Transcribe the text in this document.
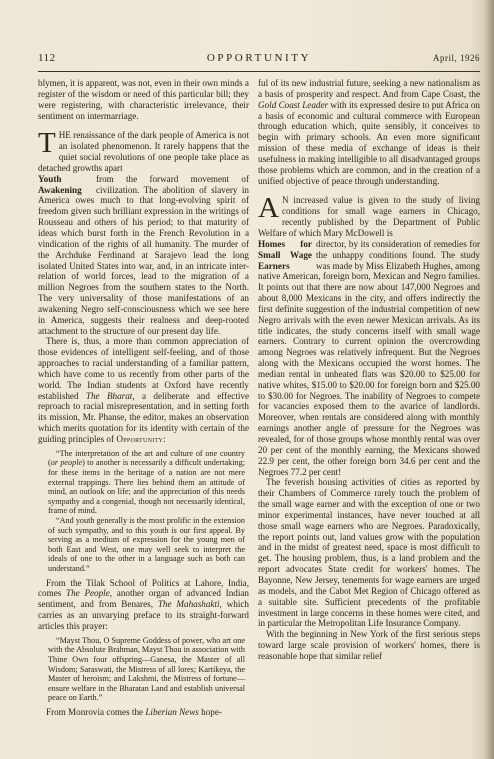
112	OPPORTUNITY	April, 1926

blymen, it is apparent, was not, even in their own minds a register of the wisdom or need of this particular bill; they were registering, with characteristic irrelevance, their sentiment on intermarriage.

THE renaissance of the dark people of America is not an isolated phenomenon. It rarely happens that the quiet social revolutions of one people take place as detached growths apart

Youth Awakening
from the forward movement of civilization. The abolition of slavery in America owes much to that long-evolving spirit of freedom given such brilliant expression in the writings of Rousseau and others of his period; to that maturity of ideas which burst forth in the French Revolution in a vindication of the rights of all humanity. The murder of the Archduke Ferdinand at Sarajevo lead the long isolated United States into war, and, in an intricate inter-relation of world forces, lead to the migration of a million Negroes from the southern states to the North. The very universality of those manifestations of an awakening Negro self-consciousness which we see here in America, suggests their realness and deep-rooted attachment to the structure of our present day life.

There is, thus, a more than common appreciation of those evidences of intelligent self-feeling, and of those approaches to racial understanding of a familiar pattern, which have come to us recently from other parts of the world. The Indian students at Oxford have recently established The Bharat, a deliberate and effective reproach to racial misrepresentation, and in setting forth its mission, Mr. Phanse, the editor, makes an observation which merits quotation for its identity with certain of the guiding principles of Opportunity:

“The interpretation of the art and culture of one country (or people) to another is necessarily a difficult undertaking; for these items in the heritage of a nation are not mere external trappings. There lies behind them an attitude of mind, an outlook on life; and the appreciation of this needs sympathy and a congenial, though not necessarily identical, frame of mind.

“And youth generally is the most prolific in the extension of such sympathy, and to this youth is our first appeal. By serving as a medium of expression for the young men of both East and West, one may well seek to interpret the ideals of one to the other in a language such as both can understand.”

From the Tilak School of Politics at Lahore, India, comes The People, another organ of advanced Indian sentiment, and from Benares, The Mahashakti, which carries as an unvarying preface to its straight-forward articles this prayer:

“Mayst Thou, O Supreme Goddess of power, who art one with the Absolute Brahman, Mayst Thou in association with Thine Own four offspring—Ganesa, the Master of all Wisdom; Saraswati, the Mistress of all lores; Kartikeya, the Master of heroism; and Lakshmi, the Mistress of fortune—ensure welfare in the Bharatan Land and establish universal peace on Earth.”

From Monrovia comes the Liberian News hope-

ful of its new industrial future, seeking a new nationalism as a basis of prosperity and respect. And from Cape Coast, the Gold Coast Leader with its expressed desire to put Africa on a basis of economic and cultural commerce with European through education which, quite sensibly, it conceives to begin with primary schools. An even more significant mission of these media of exchange of ideas is their usefulness in making intelligible to all disadvantaged groups those problems which are common, and in the creation of a unified objective of peace through understanding.

A N increased value is given to the study of living conditions for small wage earners in Chicago, recently published by the Department of Public Welfare of which Mary McDowell is

Homes for Small Wage Earners
director, by its consideration of remedies for the unhappy conditions found. The study was made by Miss Elizabeth Hughes, among native American, foreign born, Mexican and Negro families. It points out that there are now about 147,000 Negroes and about 8,000 Mexicans in the city, and offers indirectly the first definite suggestion of the industrial competition of new Negro arrivals with the even newer Mexican arrivals. As its title indicates, the study concerns itself with small wage earners. Contrary to current opinion the overcrowding among Negroes was relatively infrequent. But the Negroes along with the Mexicans occupied the worst homes. The median rental in unheated flats was $20.00 to $25.00 for native whites, $15.00 to $20.00 for foreign born and $25.00 to $30.00 for Negroes. The inability of Negroes to compete for vacancies exposed them to the avarice of landlords. Moreover, when rentals are considered along with monthly earnings another angle of pressure for the Negroes was revealed, for of those groups whose monthly rental was over 20 per cent of the monthly earning, the Mexicans showed 22.9 per cent, the other foreign born 34.6 per cent and the Negroes 77.2 per cent!

The feverish housing activities of cities as reported by their Chambers of Commerce rarely touch the problem of the small wage earner and with the exception of one or two minor experimental instances, have never touched at all those small wage earners who are Negroes. Paradoxically, the report points out, land values grow with the population and in the midst of greatest need, space is most difficult to get. The housing problem, thus, is a land problem and the report advocates State credit for workers' homes. The Bayonne, New Jersey, tenements for wage earners are urged as models, and the Cabot Met Region of Chicago offered as a suitable site. Sufficient precedents of the profitable investment in large concerns in these homes were cited, and in particular the Metropolitan Life Insurance Company.

With the beginning in New York of the first serious steps toward large scale provision of workers' homes, there is reasonable hope that similar relief
